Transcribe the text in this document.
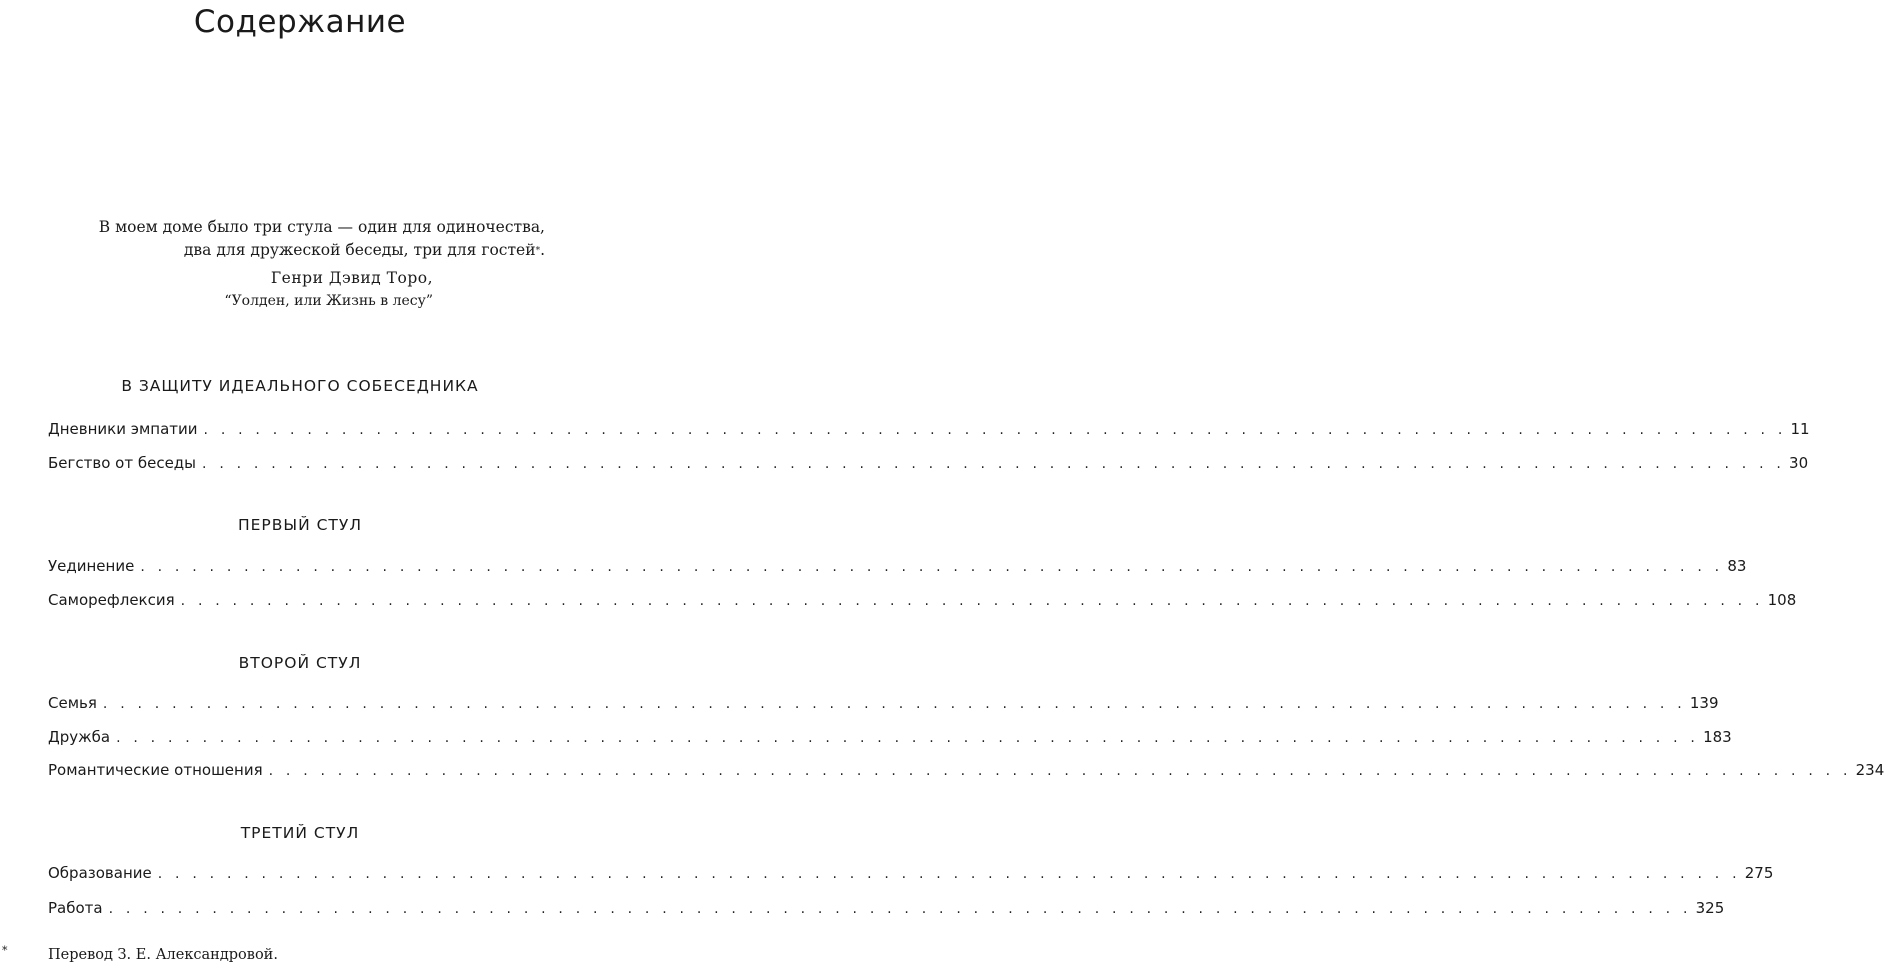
Содержание
В моем доме было три стула — один для одиночества,
два для дружеской беседы, три для гостей*.
Генри Дэвид Торо,
“Уолден, или Жизнь в лесу”
В ЗАЩИТУ ИДЕАЛЬНОГО СОБЕСЕДНИКА
Дневники эмпатии . . . . . . . . . . . . . . . . . . . . . . . . . . . . . . . . . . . . . . . . . . . . . . . . . . . . . . . . . . . . . . . . . . . . . . . . . . . . . . . . . . . . . . . . . . . . 11
Бегство от беседы . . . . . . . . . . . . . . . . . . . . . . . . . . . . . . . . . . . . . . . . . . . . . . . . . . . . . . . . . . . . . . . . . . . . . . . . . . . . . . . . . . . . . . . . . . . . 30
ПЕРВЫЙ СТУЛ
Уединение . . . . . . . . . . . . . . . . . . . . . . . . . . . . . . . . . . . . . . . . . . . . . . . . . . . . . . . . . . . . . . . . . . . . . . . . . . . . . . . . . . . . . . . . . . . . 83
Саморефлексия . . . . . . . . . . . . . . . . . . . . . . . . . . . . . . . . . . . . . . . . . . . . . . . . . . . . . . . . . . . . . . . . . . . . . . . . . . . . . . . . . . . . . . . . . . . . 108
ВТОРОЙ СТУЛ
Семья . . . . . . . . . . . . . . . . . . . . . . . . . . . . . . . . . . . . . . . . . . . . . . . . . . . . . . . . . . . . . . . . . . . . . . . . . . . . . . . . . . . . . . . . . . . . 139
Дружба . . . . . . . . . . . . . . . . . . . . . . . . . . . . . . . . . . . . . . . . . . . . . . . . . . . . . . . . . . . . . . . . . . . . . . . . . . . . . . . . . . . . . . . . . . . . 183
Романтические отношения . . . . . . . . . . . . . . . . . . . . . . . . . . . . . . . . . . . . . . . . . . . . . . . . . . . . . . . . . . . . . . . . . . . . . . . . . . . . . . . . . . . . . . . . . . . . 234
ТРЕТИЙ СТУЛ
Образование . . . . . . . . . . . . . . . . . . . . . . . . . . . . . . . . . . . . . . . . . . . . . . . . . . . . . . . . . . . . . . . . . . . . . . . . . . . . . . . . . . . . . . . . . . . . 275
Работа . . . . . . . . . . . . . . . . . . . . . . . . . . . . . . . . . . . . . . . . . . . . . . . . . . . . . . . . . . . . . . . . . . . . . . . . . . . . . . . . . . . . . . . . . . . . 325
*	Перевод З. Е. Александровой.
